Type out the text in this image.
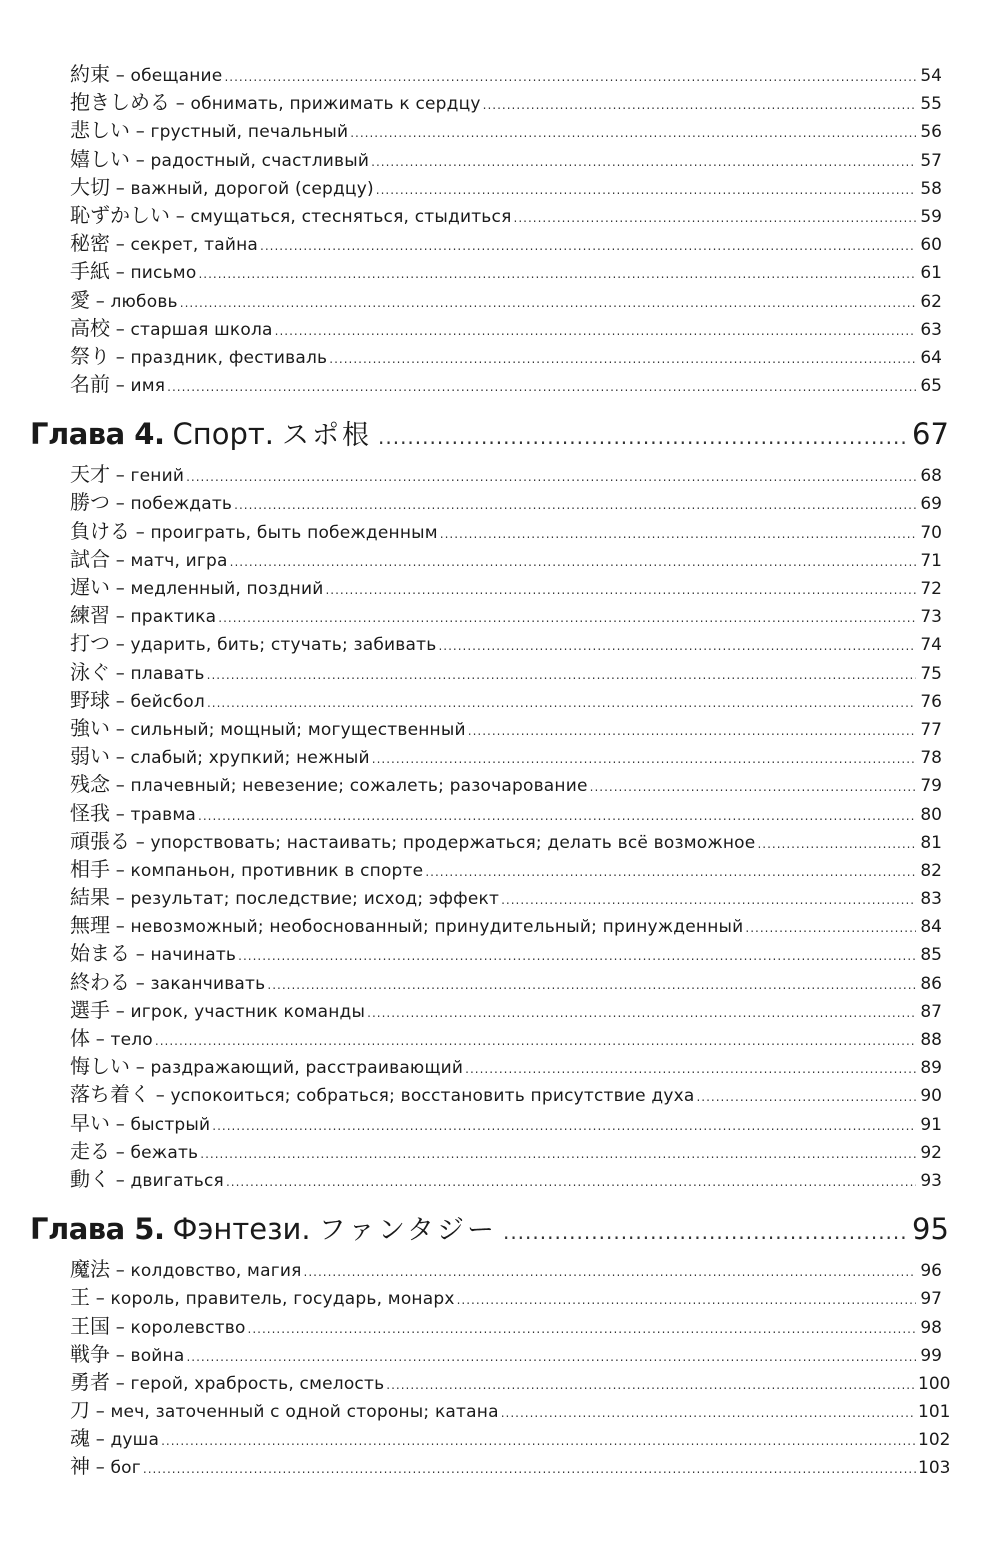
約束 – обещание .....	54
抱きしめる – обнимать, прижимать к сердцу .....	55
悲しい – грустный, печальный .....	56
嬉しい – радостный, счастливый .....	57
大切 – важный, дорогой (сердцу) .....	58
恥ずかしい – смущаться, стесняться, стыдиться .....	59
秘密 – секрет, тайна .....	60
手紙 – письмо .....	61
愛 – любовь .....	62
高校 – старшая школа .....	63
祭り – праздник, фестиваль .....	64
名前 – имя .....	65
Глава 4. Спорт. スポ根 .....	67
天才 – гений .....	68
勝つ – побеждать .....	69
負ける – проиграть, быть побежденным .....	70
試合 – матч, игра .....	71
遅い – медленный, поздний .....	72
練習 – практика .....	73
打つ – ударить, бить; стучать; забивать .....	74
泳ぐ – плавать .....	75
野球 – бейсбол .....	76
強い – сильный; мощный; могущественный .....	77
弱い – слабый; хрупкий; нежный .....	78
残念 – плачевный; невезение; сожалеть; разочарование .....	79
怪我 – травма .....	80
頑張る – упорствовать; настаивать; продержаться; делать всё возможное .....	81
相手 – компаньон, противник в спорте .....	82
結果 – результат; последствие; исход; эффект .....	83
無理 – невозможный; необоснованный; принудительный; принужденный .....	84
始まる – начинать .....	85
終わる – заканчивать .....	86
選手 – игрок, участник команды .....	87
体 – тело .....	88
悔しい – раздражающий, расстраивающий .....	89
落ち着く – успокоиться; собраться; восстановить присутствие духа .....	90
早い – быстрый .....	91
走る – бежать .....	92
動く – двигаться .....	93
Глава 5. Фэнтези. ファンタジー .....	95
魔法 – колдовство, магия .....	96
王 – король, правитель, государь, монарх .....	97
王国 – королевство .....	98
戦争 – война .....	99
勇者 – герой, храбрость, смелость .....	100
刀 – меч, заточенный с одной стороны; катана .....	101
魂 – душа .....	102
神 – бог .....	103
